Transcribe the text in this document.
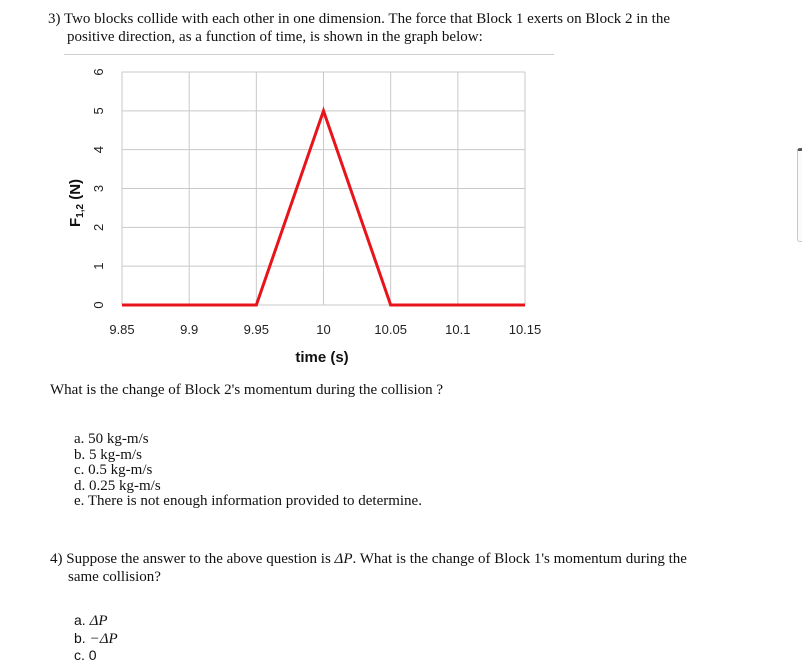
3) Two blocks collide with each other in one dimension. The force that Block 1 exerts on Block 2 in the
positive direction, as a function of time, is shown in the graph below:
0
1
2
3
4
5
6
9.85	9.9	9.95	10	10.05	10.1	10.15
time (s)
$F_{1,2}$ (N)
What is the change of Block 2's momentum during the collision ?
a. 50 kg-m/s
b. 5 kg-m/s
c. 0.5 kg-m/s
d. 0.25 kg-m/s
e. There is not enough information provided to determine.
4) Suppose the answer to the above question is ΔP. What is the change of Block 1's momentum during the
same collision?
a. ΔP
b. −ΔP
c. 0
